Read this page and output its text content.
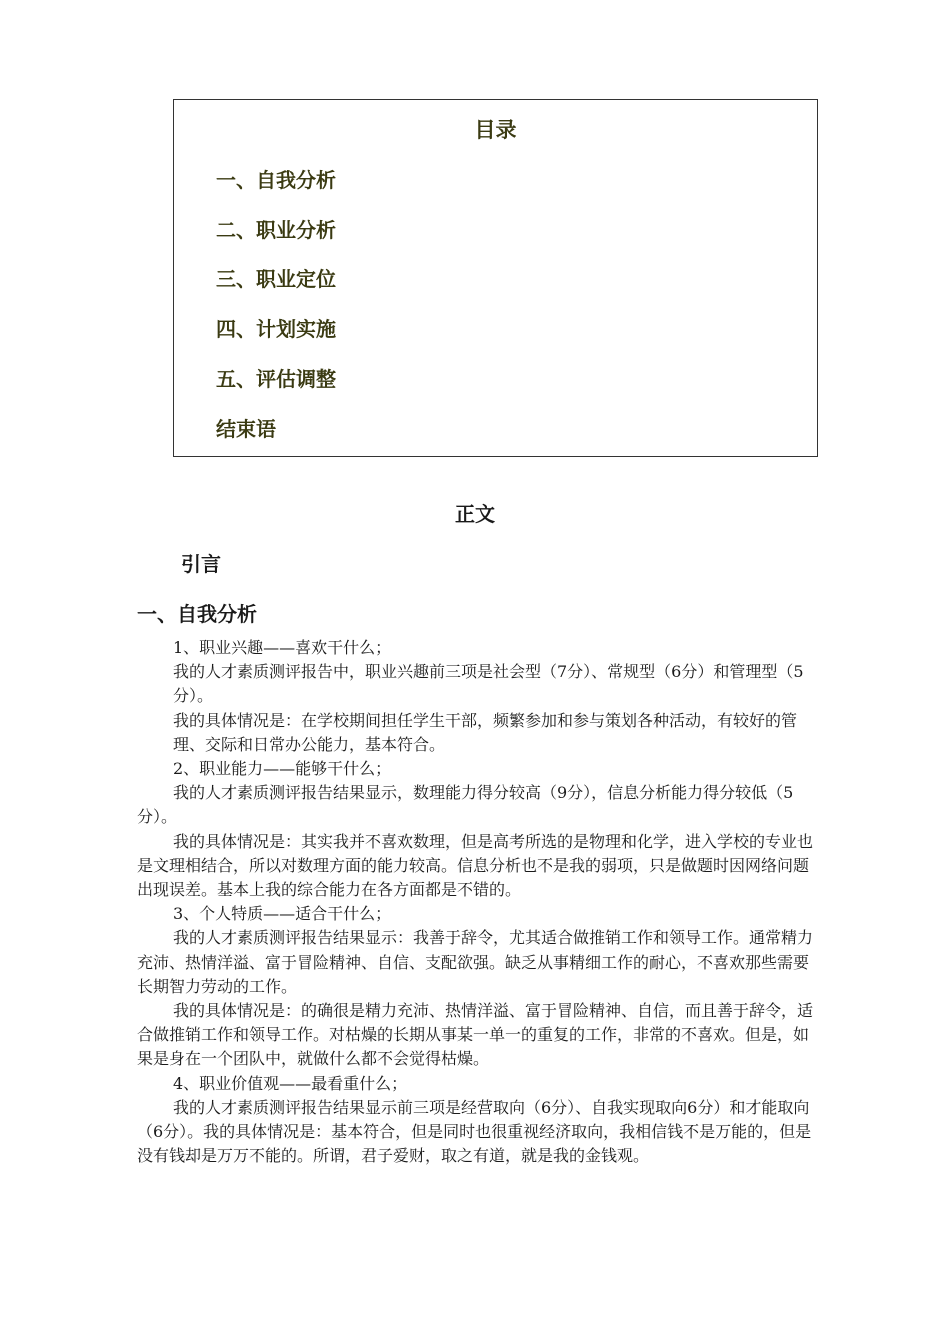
目录
一、自我分析
二、职业分析
三、职业定位
四、计划实施
五、评估调整
结束语
正文
引言
一、自我分析

1、职业兴趣——喜欢干什么；

我的人才素质测评报告中，职业兴趣前三项是社会型（7分）、常规型（6分）和管理型（5分）。

我的具体情况是：在学校期间担任学生干部，频繁参加和参与策划各种活动，有较好的管理、交际和日常办公能力，基本符合。

2、职业能力——能够干什么；

我的人才素质测评报告结果显示，数理能力得分较高（9分），信息分析能力得分较低（5分）。

我的具体情况是：其实我并不喜欢数理，但是高考所选的是物理和化学，进入学校的专业也是文理相结合，所以对数理方面的能力较高。信息分析也不是我的弱项，只是做题时因网络问题出现误差。基本上我的综合能力在各方面都是不错的。

3、个人特质——适合干什么；

我的人才素质测评报告结果显示：我善于辞令，尤其适合做推销工作和领导工作。通常精力充沛、热情洋溢、富于冒险精神、自信、支配欲强。缺乏从事精细工作的耐心，不喜欢那些需要长期智力劳动的工作。

我的具体情况是：的确很是精力充沛、热情洋溢、富于冒险精神、自信，而且善于辞令，适合做推销工作和领导工作。对枯燥的长期从事某一单一的重复的工作，非常的不喜欢。但是，如果是身在一个团队中，就做什么都不会觉得枯燥。

4、职业价值观——最看重什么；

我的人才素质测评报告结果显示前三项是经营取向（6分）、自我实现取向6分）和才能取向（6分）。我的具体情况是：基本符合，但是同时也很重视经济取向，我相信钱不是万能的，但是没有钱却是万万不能的。所谓，君子爱财，取之有道，就是我的金钱观。
